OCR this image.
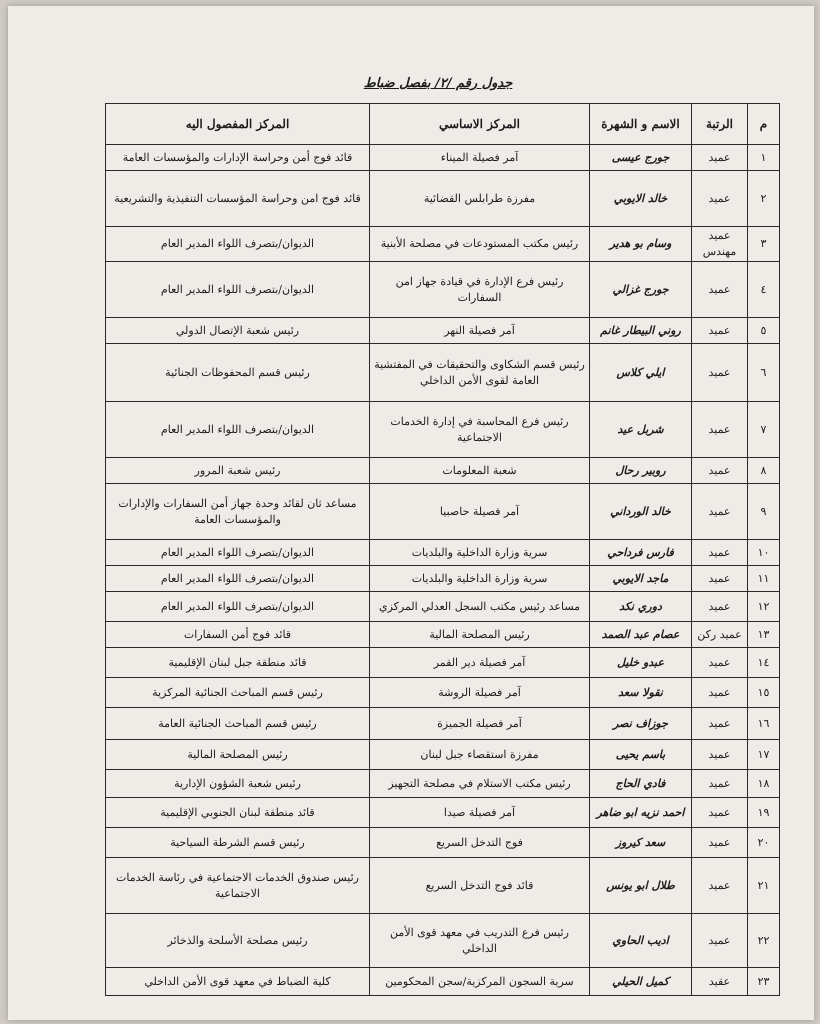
جدول رقم /٢/ بفصل ضباط
م	الرتبة	الاسم و الشهرة	المركز الاساسي	المركز المفصول اليه
١	عميد	جورج عيسى	آمر فصيلة الميناء	قائد فوج أمن وحراسة الإدارات والمؤسسات العامة
٢	عميد	خالد الايوبي	مفرزة طرابلس القضائية	قائد فوج امن وحراسة المؤسسات التنفيذية والتشريعية
٣	عميد مهندس	وسام بو هدير	رئيس مكتب المستودعات في مصلحة الأبنية	الديوان/بتصرف اللواء المدير العام
٤	عميد	جورج غزالي	رئيس فرع الإدارة في قيادة جهاز امن السفارات	الديوان/بتصرف اللواء المدير العام
٥	عميد	روني البيطار غانم	آمر فصيلة النهر	رئيس شعبة الإتصال الدولي
٦	عميد	ايلي كلاس	رئيس قسم الشكاوى والتحقيقات في المفتشية العامة لقوى الأمن الداخلي	رئيس قسم المحفوظات الجنائية
٧	عميد	شربل عيد	رئيس فرع المحاسبة في إدارة الخدمات الاجتماعية	الديوان/بتصرف اللواء المدير العام
٨	عميد	روبير رحال	شعبة المعلومات	رئيس شعبة المرور
٩	عميد	خالد الورداني	آمر فصيلة حاصبيا	مساعد ثان لقائد وحدة جهاز أمن السفارات والإدارات والمؤسسات العامة
١٠	عميد	فارس فرداحي	سرية وزارة الداخلية والبلديات	الديوان/بتصرف اللواء المدير العام
١١	عميد	ماجد الايوبي	سرية وزارة الداخلية والبلديات	الديوان/بتصرف اللواء المدير العام
١٢	عميد	دوري نكد	مساعد رئيس مكتب السجل العدلي المركزي	الديوان/بتصرف اللواء المدير العام
١٣	عميد ركن	عصام عبد الصمد	رئيس المصلحة المالية	قائد فوج أمن السفارات
١٤	عميد	عبدو خليل	آمر فصيلة دير القمر	قائد منطقة جبل لبنان الإقليمية
١٥	عميد	نقولا سعد	آمر فصيلة الروشة	رئيس قسم المباحث الجنائية المركزية
١٦	عميد	جوزاف نصر	آمر فصيلة الجميزة	رئيس قسم المباحث الجنائية العامة
١٧	عميد	باسم يحيى	مفرزة استقصاء جبل لبنان	رئيس المصلحة المالية
١٨	عميد	فادي الحاج	رئيس مكتب الاستلام في مصلحة التجهيز	رئيس شعبة الشؤون الإدارية
١٩	عميد	احمد نزيه ابو ضاهر	آمر فصيلة صيدا	قائد منطقة لبنان الجنوبي الإقليمية
٢٠	عميد	سعد كيروز	فوج التدخل السريع	رئيس قسم الشرطة السياحية
٢١	عميد	طلال ابو يونس	قائد فوج التدخل السريع	رئيس صندوق الخدمات الاجتماعية في رئاسة الخدمات الاجتماعية
٢٢	عميد	اديب الحاوي	رئيس فرع التدريب في معهد قوى الأمن الداخلي	رئيس مصلحة الأسلحة والذخائر
٢٣	عقيد	كميل الحيلي	سرية السجون المركزية/سجن المحكومين	كلية الضباط في معهد قوى الأمن الداخلي
